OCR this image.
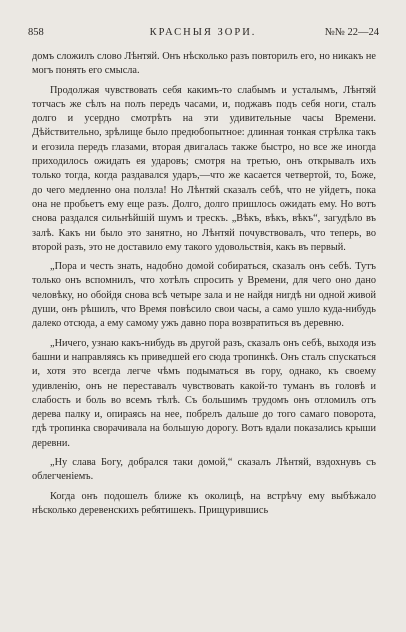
858	КРАСНЫЯ ЗОРИ.	№№ 22—24

домъ сложилъ слово Лѣнтяй. Онъ нѣсколько разъ повторилъ его, но никакъ не могъ понять его смысла.

Продолжая чувствовать себя какимъ-то слабымъ и усталымъ, Лѣнтяй тотчасъ же сѣлъ на полъ передъ часами, и, поджавъ подъ себя ноги, сталъ долго и усердно смотрѣть на эти удивительные часы Времени. Дѣйствительно, зрѣлище было предюбопытное: длинная тонкая стрѣлка такъ и егозила передъ глазами, вторая двигалась также быстро, но все же иногда приходилось ожидать ея ударовъ; смотря на третью, онъ открывалъ ихъ только тогда, когда раздавался ударъ,—что же касается четвертой, то, Боже, до чего медленно она ползла! Но Лѣнтяй сказалъ себѣ, что не уйдетъ, пока она не пробьетъ ему еще разъ. Долго, долго пришлось ожидать ему. Но вотъ снова раздался сильнѣйшій шумъ и трескъ. „Вѣкъ, вѣкъ, вѣкъ“, загудѣло въ залѣ. Какъ ни было это занятно, но Лѣнтяй почувствовалъ, что теперь, во второй разъ, это не доставило ему такого удовольствія, какъ въ первый.

„Пора и честь знать, надобно домой собираться, сказалъ онъ себѣ. Тутъ только онъ вспомнилъ, что хотѣлъ спросить у Времени, для чего оно дано человѣку, но обойдя снова всѣ четыре зала и не найдя нигдѣ ни одной живой души, онъ рѣшилъ, что Время повѣсило свои часы, а само ушло куда-нибудь далеко отсюда, а ему самому ужъ давно пора возвратиться въ деревню.

„Ничего, узнаю какъ-нибудь въ другой разъ, сказалъ онъ себѣ, выходя изъ башни и направляясь къ приведшей его сюда тропинкѣ. Онъ сталъ спускаться и, хотя это всегда легче чѣмъ подыматься въ гору, однако, къ своему удивленію, онъ не переставалъ чувствовать какой-то туманъ въ головѣ и слабость и боль во всемъ тѣлѣ. Съ большимъ трудомъ онъ отломилъ отъ дерева палку и, опираясь на нее, побрелъ дальше до того самаго поворота, гдѣ тропинка сворачивала на большую дорогу. Вотъ вдали показались крыши деревни.

„Ну слава Богу, добрался таки домой,“ сказалъ Лѣнтяй, вздохнувъ съ облегченіемъ.

Когда онъ подошелъ ближе къ околицѣ, на встрѣчу ему выбѣжало нѣсколько деревенскихъ ребятишекъ. Прищурившись
